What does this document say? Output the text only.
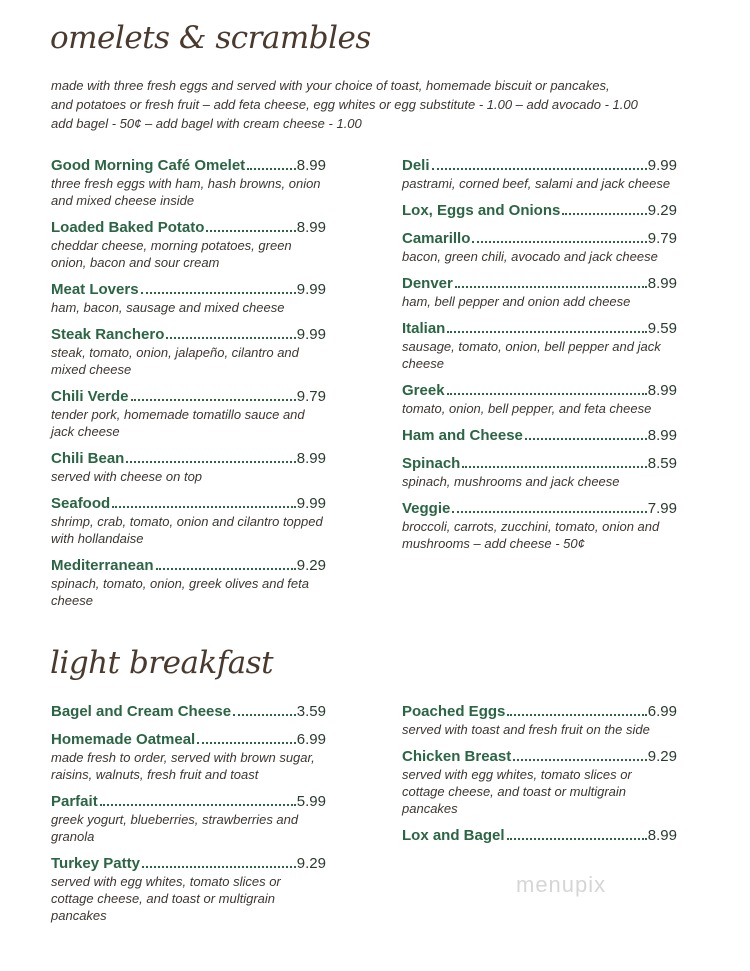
omelets & scrambles
made with three fresh eggs and served with your choice of toast, homemade biscuit or pancakes,
and potatoes or fresh fruit – add feta cheese, egg whites or egg substitute - 1.00 – add avocado - 1.00
add bagel - 50¢ – add bagel with cream cheese - 1.00
Good Morning Café Omelet	8.99
three fresh eggs with ham, hash browns, onion and mixed cheese inside
Loaded Baked Potato	8.99
cheddar cheese, morning potatoes, green onion, bacon and sour cream
Meat Lovers	9.99
ham, bacon, sausage and mixed cheese
Steak Ranchero	9.99
steak, tomato, onion, jalapeño, cilantro and mixed cheese
Chili Verde	9.79
tender pork, homemade tomatillo sauce and jack cheese
Chili Bean	8.99
served with cheese on top
Seafood	9.99
shrimp, crab, tomato, onion and cilantro topped with hollandaise
Mediterranean	9.29
spinach, tomato, onion, greek olives and feta cheese
Deli	9.99
pastrami, corned beef, salami and jack cheese
Lox, Eggs and Onions	9.29
Camarillo	9.79
bacon, green chili, avocado and jack cheese
Denver	8.99
ham, bell pepper and onion add cheese
Italian	9.59
sausage, tomato, onion, bell pepper and jack cheese
Greek	8.99
tomato, onion, bell pepper, and feta cheese
Ham and Cheese	8.99
Spinach	8.59
spinach, mushrooms and jack cheese
Veggie	7.99
broccoli, carrots, zucchini, tomato, onion and mushrooms – add cheese - 50¢
light breakfast
Bagel and Cream Cheese	3.59
Homemade Oatmeal	6.99
made fresh to order, served with brown sugar, raisins, walnuts, fresh fruit and toast
Parfait	5.99
greek yogurt, blueberries, strawberries and granola
Turkey Patty	9.29
served with egg whites, tomato slices or cottage cheese, and toast or multigrain pancakes
Poached Eggs	6.99
served with toast and fresh fruit on the side
Chicken Breast	9.29
served with egg whites, tomato slices or cottage cheese, and toast or multigrain pancakes
Lox and Bagel	8.99
menupix
